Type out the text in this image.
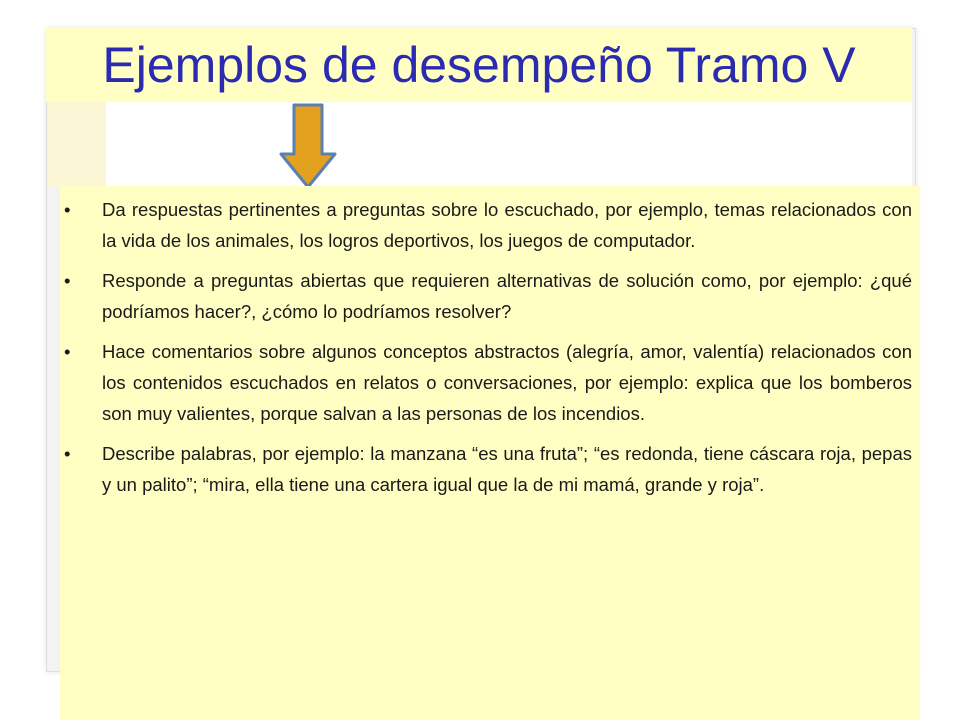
Ejemplos de desempeño Tramo V
• Da respuestas pertinentes a preguntas sobre lo escuchado, por ejemplo, temas relacionados con la vida de los animales, los logros deportivos, los juegos de computador.
• Responde a preguntas abiertas que requieren alternativas de solución como, por ejemplo: ¿qué podríamos hacer?, ¿cómo lo podríamos resolver?
• Hace comentarios sobre algunos conceptos abstractos (alegría, amor, valentía) relacionados con los contenidos escuchados en relatos o conversaciones, por ejemplo: explica que los bomberos son muy valientes, porque salvan a las personas de los incendios.
• Describe palabras, por ejemplo: la manzana “es una fruta”; “es redonda, tiene cáscara roja, pepas y un palito”; “mira, ella tiene una cartera igual que la de mi mamá, grande y roja”.
